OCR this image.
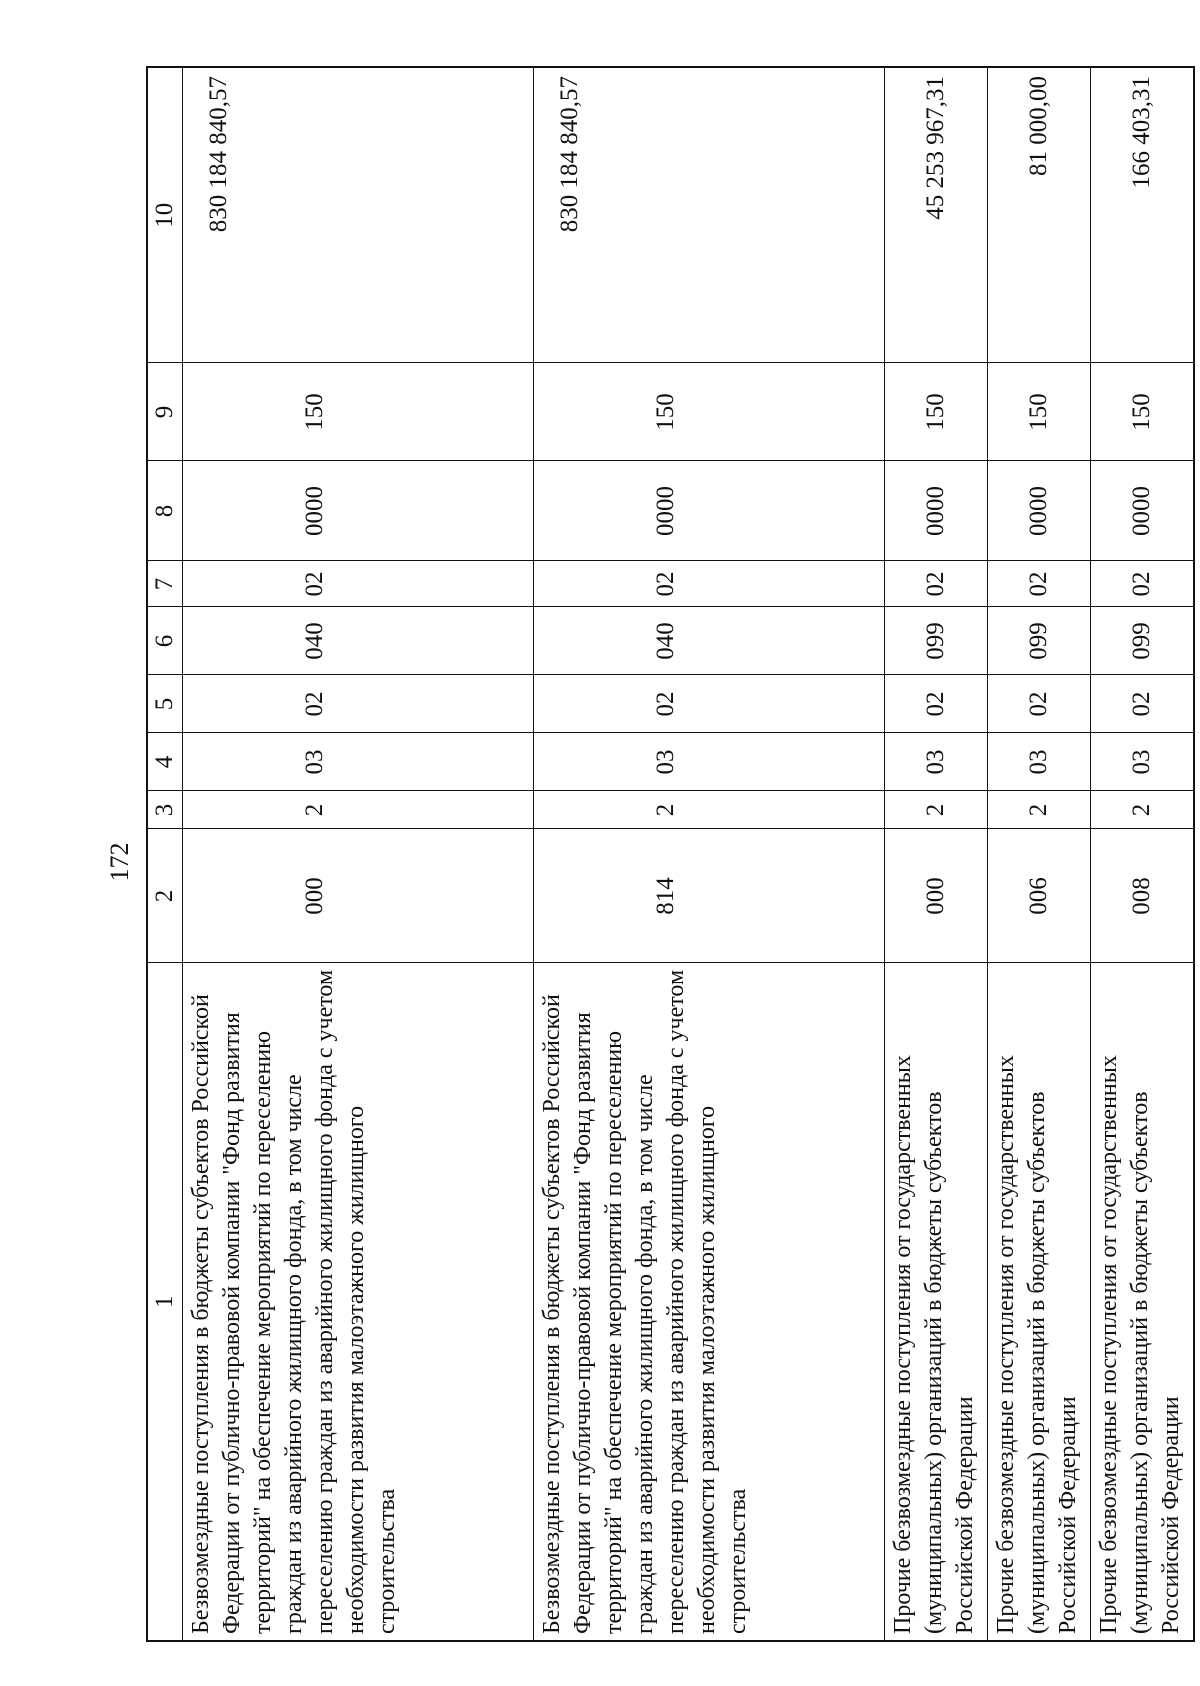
172
1	2	3	4	5	6	7	8	9	10
Безвозмездные поступления в бюджеты субъектов Российской Федерации от публично-правовой компании "Фонд развития территорий" на обеспечение мероприятий по переселению граждан из аварийного жилищного фонда, в том числе переселению граждан из аварийного жилищного фонда с учетом необходимости развития малоэтажного жилищного строительства	000	2	03	02	040	02	0000	150	830 184 840,57
Безвозмездные поступления в бюджеты субъектов Российской Федерации от публично-правовой компании "Фонд развития территорий" на обеспечение мероприятий по переселению граждан из аварийного жилищного фонда, в том числе переселению граждан из аварийного жилищного фонда с учетом необходимости развития малоэтажного жилищного строительства	814	2	03	02	040	02	0000	150	830 184 840,57
Прочие безвозмездные поступления от государственных (муниципальных) организаций в бюджеты субъектов Российской Федерации	000	2	03	02	099	02	0000	150	45 253 967,31
Прочие безвозмездные поступления от государственных (муниципальных) организаций в бюджеты субъектов Российской Федерации	006	2	03	02	099	02	0000	150	81 000,00
Прочие безвозмездные поступления от государственных (муниципальных) организаций в бюджеты субъектов Российской Федерации	008	2	03	02	099	02	0000	150	166 403,31
